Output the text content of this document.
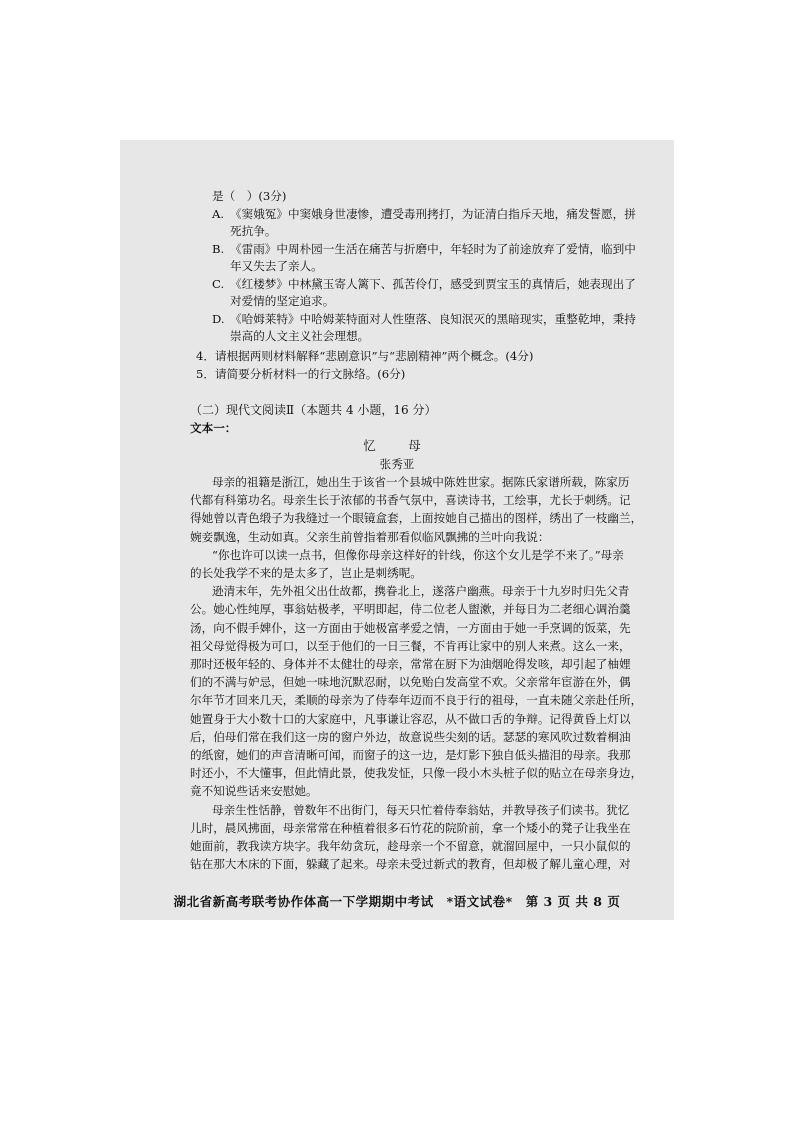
是（　）(3分)
A. 《窦娥冤》中窦娥身世凄惨，遭受毒刑拷打，为证清白指斥天地，痛发誓愿，拼
死抗争。
B. 《雷雨》中周朴园一生活在痛苦与折磨中，年轻时为了前途放弃了爱情，临到中
年又失去了亲人。
C. 《红楼梦》中林黛玉寄人篱下、孤苦伶仃，感受到贾宝玉的真情后，她表现出了
对爱情的坚定追求。
D. 《哈姆莱特》中哈姆莱特面对人性堕落、良知泯灭的黑暗现实，重整乾坤，秉持
崇高的人文主义社会理想。
4．请根据两则材料解释“悲剧意识”与“悲剧精神”两个概念。(4分)
5．请简要分析材料一的行文脉络。(6分)
（二）现代文阅读Ⅱ（本题共 4 小题，16 分）
文本一：
忆　母
张秀亚
母亲的祖籍是浙江，她出生于该省一个县城中陈姓世家。据陈氏家谱所载，陈家历
代都有科第功名。母亲生长于浓郁的书香气氛中，喜读诗书，工绘事，尤长于刺绣。记
得她曾以青色缎子为我缝过一个眼镜盒套，上面按她自己描出的图样，绣出了一枝幽兰，
婉妾飘逸，生动如真。父亲生前曾指着那看似临风飘拂的兰叶向我说：
“你也许可以读一点书，但像你母亲这样好的针线，你这个女儿是学不来了。”母亲
的长处我学不来的是太多了，岂止是刺绣呢。
逊清末年，先外祖父出仕故都，携眷北上，遂落户幽燕。母亲于十九岁时归先父青
公。她心性纯厚，事翁姑极孝，平明即起，侍二位老人盥漱，并每日为二老细心调治羹
汤，向不假手婢仆，这一方面由于她极富孝爱之情，一方面由于她一手烹调的饭菜，先
祖父母觉得极为可口，以至于他们的一日三餐，不肯再让家中的别人来煮。这么一来，
那时还极年轻的、身体并不太健壮的母亲，常常在厨下为油烟呛得发咳，却引起了柚娌
们的不满与妒忌，但她一味地沉默忍耐，以免贻白发高堂不欢。父亲常年宦游在外，偶
尔年节才回来几天，柔顺的母亲为了侍奉年迈而不良于行的祖母，一直未随父亲赴任所，
她置身于大小数十口的大家庭中，凡事谦让容忍，从不做口舌的争辩。记得黄昏上灯以
后，伯母们常在我们这一房的窗户外边，故意说些尖刻的话。瑟瑟的寒风吹过数着桐油
的纸窗，她们的声音清晰可闻，而窗子的这一边，是灯影下独自低头描泪的母亲。我那
时还小，不大懂事，但此情此景，使我发怔，只像一段小木头桩子似的贴立在母亲身边，
竟不知说些话来安慰她。
母亲生性恬静，曾数年不出街门，每天只忙着侍奉翁姑，并教导孩子们读书。犹忆
儿时，晨风拂面，母亲常常在种植着很多石竹花的院阶前，拿一个矮小的凳子让我坐在
她面前，教我读方块字。我年幼贪玩，趁母亲一个不留意，就溜回屋中，一只小鼠似的
钻在那大木床的下面，躲藏了起来。母亲未受过新式的教育，但却极了解儿童心理，对
湖北省新高考联考协作体高一下学期期中考试　*语文试卷*　第 3 页 共 8 页
